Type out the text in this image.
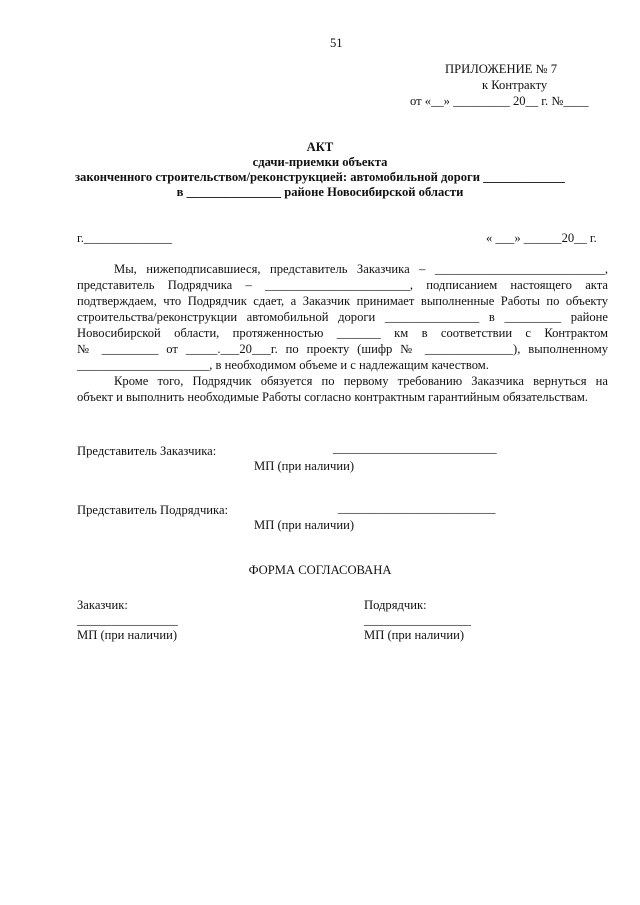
51
ПРИЛОЖЕНИЕ № 7
к Контракту
от «__» _________ 20__ г. №____
АКТ
сдачи-приемки объекта
законченного строительством/реконструкцией: автомобильной дороги _____________
в _______________ районе Новосибирской области
г.______________	« ___» ______20__ г.
Мы, нижеподписавшиеся, представитель Заказчика – ___________________________,
представитель Подрядчика – _______________________, подписанием настоящего акта
подтверждаем, что Подрядчик сдает, а Заказчик принимает выполненные Работы по объекту
строительства/реконструкции автомобильной дороги _______________ в _________ районе
Новосибирской области, протяженностью _______ км в соответствии с Контрактом
№ _________ от _____.___20___г. по проекту (шифр № ______________), выполненному
_____________________, в необходимом объеме и с надлежащим качеством.
Кроме того, Подрядчик обязуется по первому требованию Заказчика вернуться на
объект и выполнить необходимые Работы согласно контрактным гарантийным обязательствам.
Представитель Заказчика:	__________________________
МП (при наличии)
Представитель Подрядчика:	_________________________
МП (при наличии)
ФОРМА СОГЛАСОВАНА
Заказчик:
________________
МП (при наличии)
Подрядчик:
_________________
МП (при наличии)
